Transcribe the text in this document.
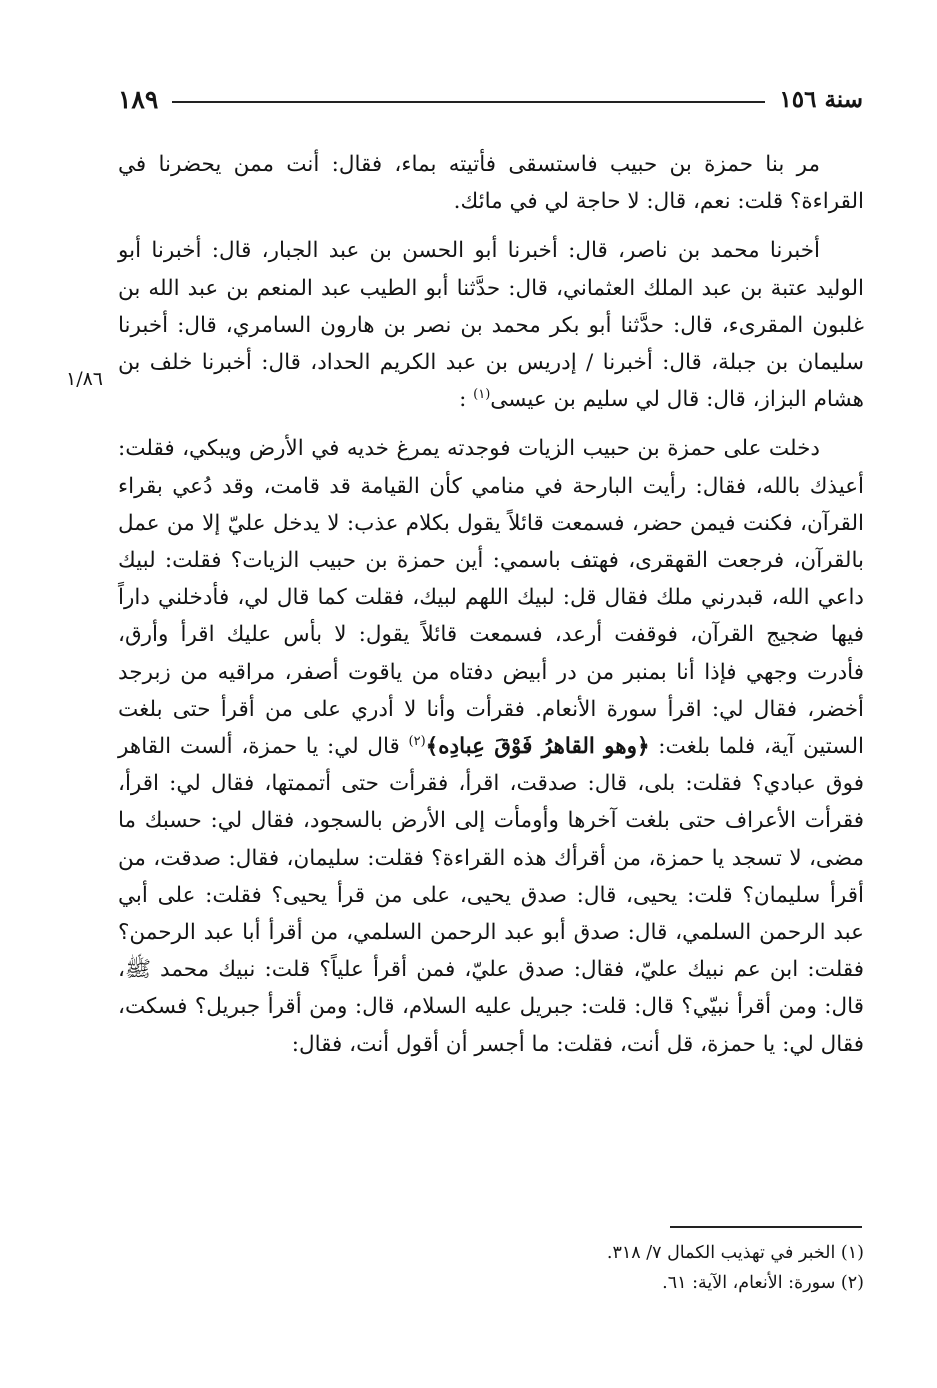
١٨٩	سنة ١٥٦

مر بنا حمزة بن حبيب فاستسقى فأتيته بماء، فقال: أنت ممن يحضرنا في القراءة؟ قلت: نعم، قال: لا حاجة لي في مائك.

أخبرنا محمد بن ناصر، قال: أخبرنا أبو الحسن بن عبد الجبار، قال: أخبرنا أبو الوليد عتبة بن عبد الملك العثماني، قال: حدَّثنا أبو الطيب عبد المنعم بن عبد الله بن غلبون المقرىء، قال: حدَّثنا أبو بكر محمد بن نصر بن هارون السامري، قال: أخبرنا سليمان بن جبلة، قال: أخبرنا / إدريس بن عبد الكريم الحداد، قال: أخبرنا خلف بن هشام البزاز، قال: قال لي سليم بن عيسى$^{(١)}$ :

دخلت على حمزة بن حبيب الزيات فوجدته يمرغ خديه في الأرض ويبكي، فقلت: أعيذك بالله، فقال: رأيت البارحة في منامي كأن القيامة قد قامت، وقد دُعي بقراء القرآن، فكنت فيمن حضر، فسمعت قائلاً يقول بكلام عذب: لا يدخل عليّ إلا من عمل بالقرآن، فرجعت القهقرى، فهتف باسمي: أين حمزة بن حبيب الزيات؟ فقلت: لبيك داعي الله، قبدرني ملك فقال قل: لبيك اللهم لبيك، فقلت كما قال لي، فأدخلني داراً فيها ضجيج القرآن، فوقفت أرعد، فسمعت قائلاً يقول: لا بأس عليك اقرأ وأرق، فأدرت وجهي فإذا أنا بمنبر من در أبيض دفتاه من ياقوت أصفر، مراقيه من زبرجد أخضر، فقال لي: اقرأ سورة الأنعام. فقرأت وأنا لا أدري على من أقرأ حتى بلغت الستين آية، فلما بلغت: ﴿وهو القاهرُ فَوْقَ عِبادِه﴾$^{(٢)}$ قال لي: يا حمزة، ألست القاهر فوق عبادي؟ فقلت: بلى، قال: صدقت، اقرأ، فقرأت حتى أتممتها، فقال لي: اقرأ، فقرأت الأعراف حتى بلغت آخرها وأومأت إلى الأرض بالسجود، فقال لي: حسبك ما مضى، لا تسجد يا حمزة، من أقرأك هذه القراءة؟ فقلت: سليمان، فقال: صدقت، من أقرأ سليمان؟ قلت: يحيى، قال: صدق يحيى، على من قرأ يحيى؟ فقلت: على أبي عبد الرحمن السلمي، قال: صدق أبو عبد الرحمن السلمي، من أقرأ أبا عبد الرحمن؟ فقلت: ابن عم نبيك عليّ، فقال: صدق عليّ، فمن أقرأ علياً؟ قلت: نبيك محمد ﷺ، قال: ومن أقرأ نبيّي؟ قال: قلت: جبريل عليه السلام، قال: ومن أقرأ جبريل؟ فسكت، فقال لي: يا حمزة، قل أنت، فقلت: ما أجسر أن أقول أنت، فقال:

١/٨٦
(١) الخبر في تهذيب الكمال ٧/ ٣١٨.
(٢) سورة: الأنعام، الآية: ٦١.
